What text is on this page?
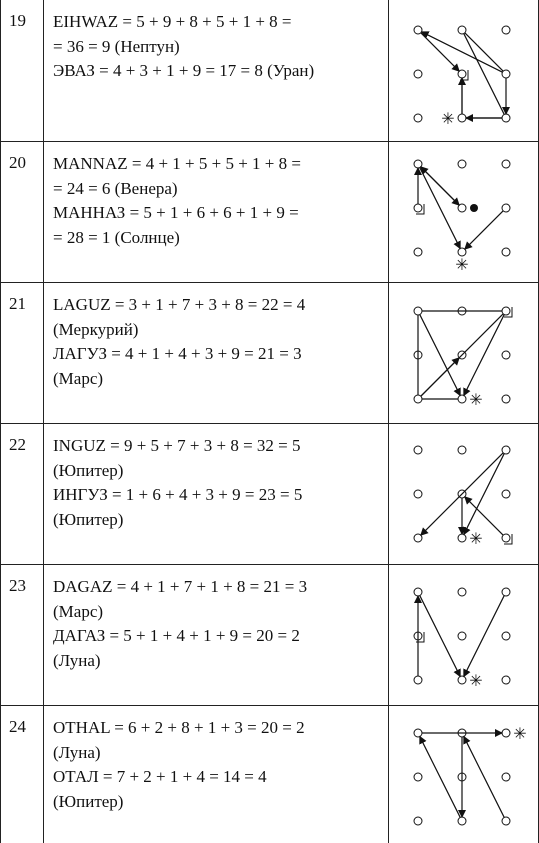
19 EIHWAZ = 5 + 9 + 8 + 5 + 1 + 8 =
= 36 = 9 (Нептун)
ЭВАЗ = 4 + 3 + 1 + 9 = 17 = 8 (Уран)
✳
20 MANNAZ = 4 + 1 + 5 + 5 + 1 + 8 =
= 24 = 6 (Венера)
МАННАЗ = 5 + 1 + 6 + 6 + 1 + 9 =
= 28 = 1 (Солнце)
✳
21 LAGUZ = 3 + 1 + 7 + 3 + 8 = 22 = 4
(Меркурий)
ЛАГУЗ = 4 + 1 + 4 + 3 + 9 = 21 = 3
(Марс)
✳
22 INGUZ = 9 + 5 + 7 + 3 + 8 = 32 = 5
(Юпитер)
ИНГУЗ = 1 + 6 + 4 + 3 + 9 = 23 = 5
(Юпитер)
✳
23 DAGAZ = 4 + 1 + 7 + 1 + 8 = 21 = 3
(Марс)
ДАГАЗ = 5 + 1 + 4 + 1 + 9 = 20 = 2
(Луна)
✳
24 OTHAL = 6 + 2 + 8 + 1 + 3 = 20 = 2
(Луна)
ОТАЛ = 7 + 2 + 1 + 4 = 14 = 4
(Юпитер)
✳
